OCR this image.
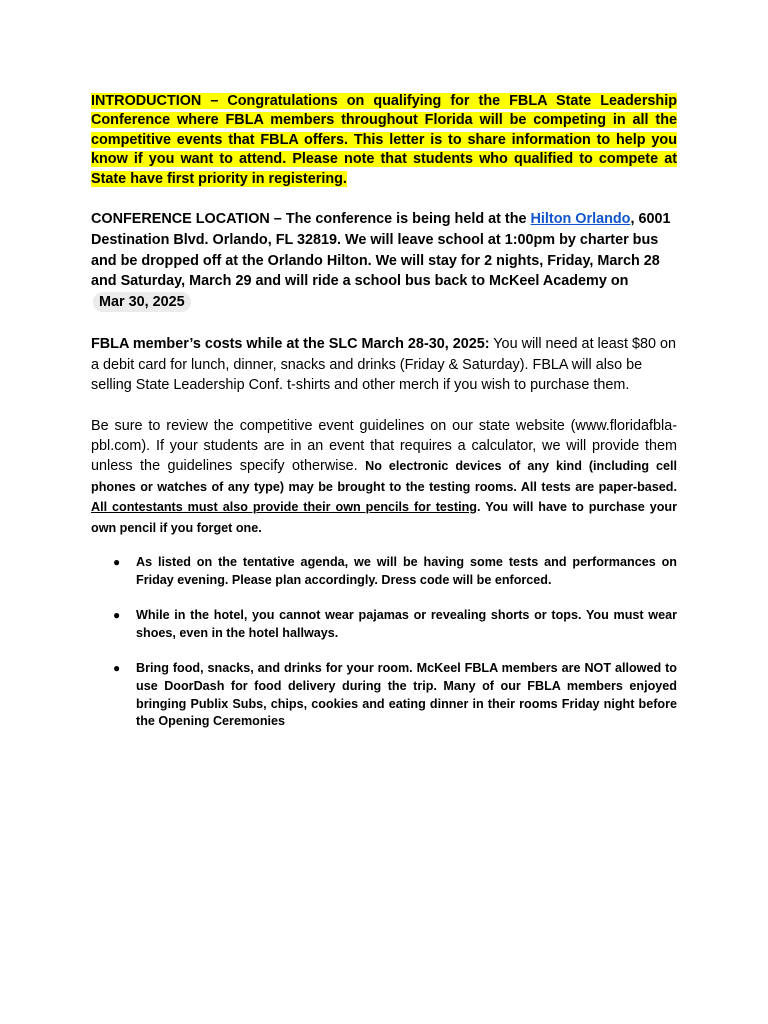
INTRODUCTION – Congratulations on qualifying for the FBLA State Leadership Conference where FBLA members throughout Florida will be competing in all the competitive events that FBLA offers. This letter is to share information to help you know if you want to attend. Please note that students who qualified to compete at State have first priority in registering.

CONFERENCE LOCATION – The conference is being held at the Hilton Orlando, 6001 Destination Blvd. Orlando, FL 32819. We will leave school at 1:00pm by charter bus and be dropped off at the Orlando Hilton. We will stay for 2 nights, Friday, March 28 and Saturday, March 29 and will ride a school bus back to McKeel Academy on Mar 30, 2025

FBLA member’s costs while at the SLC March 28-30, 2025: You will need at least $80 on a debit card for lunch, dinner, snacks and drinks (Friday & Saturday). FBLA will also be selling State Leadership Conf. t-shirts and other merch if you wish to purchase them.

Be sure to review the competitive event guidelines on our state website (www.floridafbla-pbl.com). If your students are in an event that requires a calculator, we will provide them unless the guidelines specify otherwise. No electronic devices of any kind (including cell phones or watches of any type) may be brought to the testing rooms. All tests are paper-based. All contestants must also provide their own pencils for testing. You will have to purchase your own pencil if you forget one.

● As listed on the tentative agenda, we will be having some tests and performances on Friday evening. Please plan accordingly. Dress code will be enforced.
● While in the hotel, you cannot wear pajamas or revealing shorts or tops. You must wear shoes, even in the hotel hallways.
● Bring food, snacks, and drinks for your room. McKeel FBLA members are NOT allowed to use DoorDash for food delivery during the trip. Many of our FBLA members enjoyed bringing Publix Subs, chips, cookies and eating dinner in their rooms Friday night before the Opening Ceremonies
